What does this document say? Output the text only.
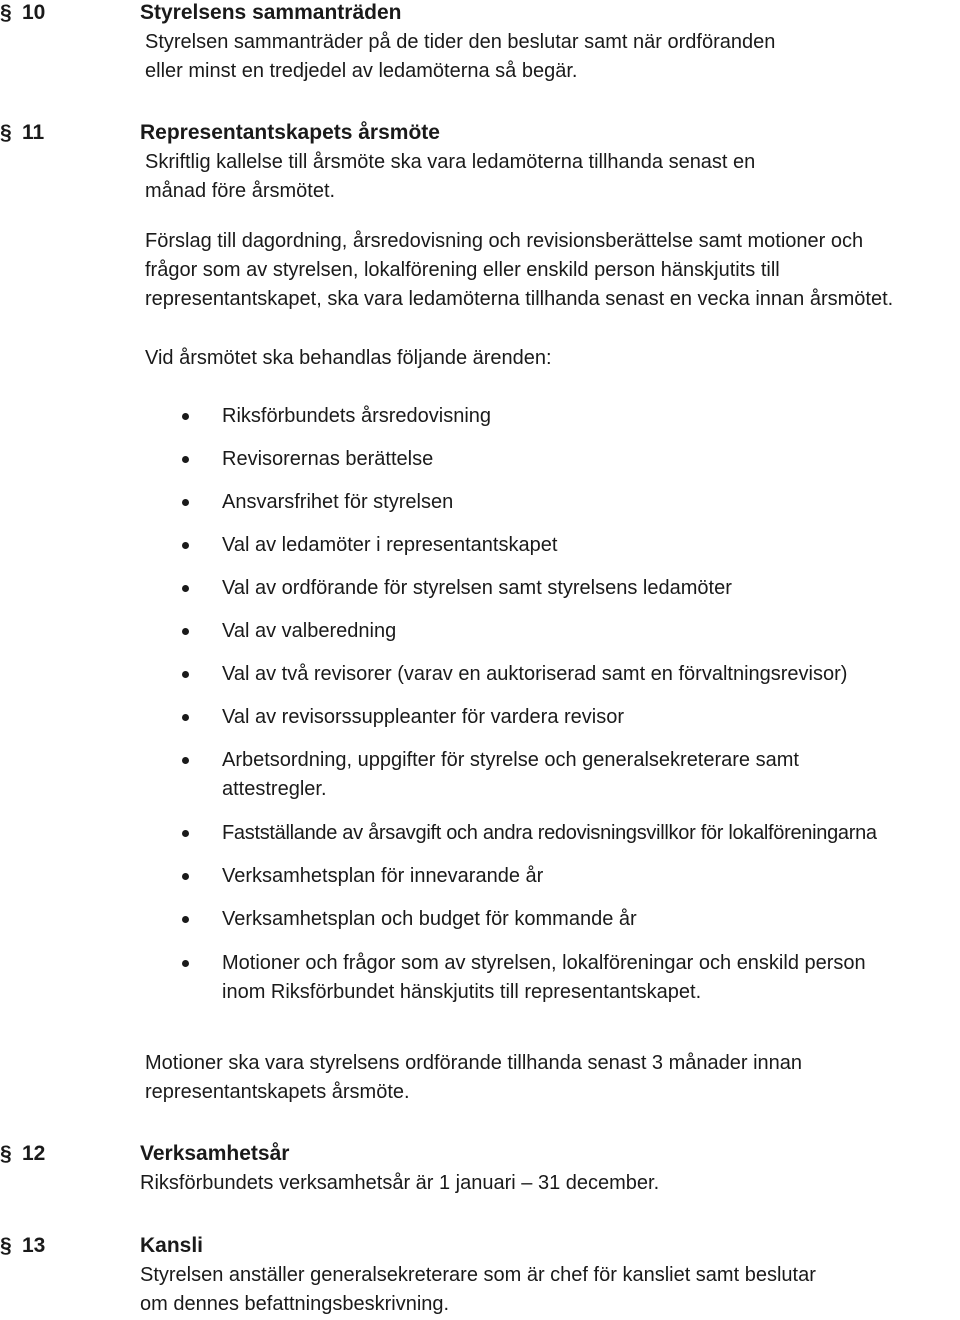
§ 10	Styrelsens sammanträden
Styrelsen sammanträder på de tider den beslutar samt när ordföranden
eller minst en tredjedel av ledamöterna så begär.
§ 11	Representantskapets årsmöte
Skriftlig kallelse till årsmöte ska vara ledamöterna tillhanda senast en
månad före årsmötet.
Förslag till dagordning, årsredovisning och revisionsberättelse samt motioner och
frågor som av styrelsen, lokalförening eller enskild person hänskjutits till
representantskapet, ska vara ledamöterna tillhanda senast en vecka innan årsmötet.
Vid årsmötet ska behandlas följande ärenden:
Riksförbundets årsredovisning
Revisorernas berättelse
Ansvarsfrihet för styrelsen
Val av ledamöter i representantskapet
Val av ordförande för styrelsen samt styrelsens ledamöter
Val av valberedning
Val av två revisorer (varav en auktoriserad samt en förvaltningsrevisor)
Val av revisorssuppleanter för vardera revisor
Arbetsordning, uppgifter för styrelse och generalsekreterare samt
attestregler.
Fastställande av årsavgift och andra redovisningsvillkor för lokalföreningarna
Verksamhetsplan för innevarande år
Verksamhetsplan och budget för kommande år
Motioner och frågor som av styrelsen, lokalföreningar och enskild person
inom Riksförbundet hänskjutits till representantskapet.
Motioner ska vara styrelsens ordförande tillhanda senast 3 månader innan
representantskapets årsmöte.
§ 12	Verksamhetsår
Riksförbundets verksamhetsår är 1 januari – 31 december.
§ 13	Kansli
Styrelsen anställer generalsekreterare som är chef för kansliet samt beslutar
om dennes befattningsbeskrivning.
